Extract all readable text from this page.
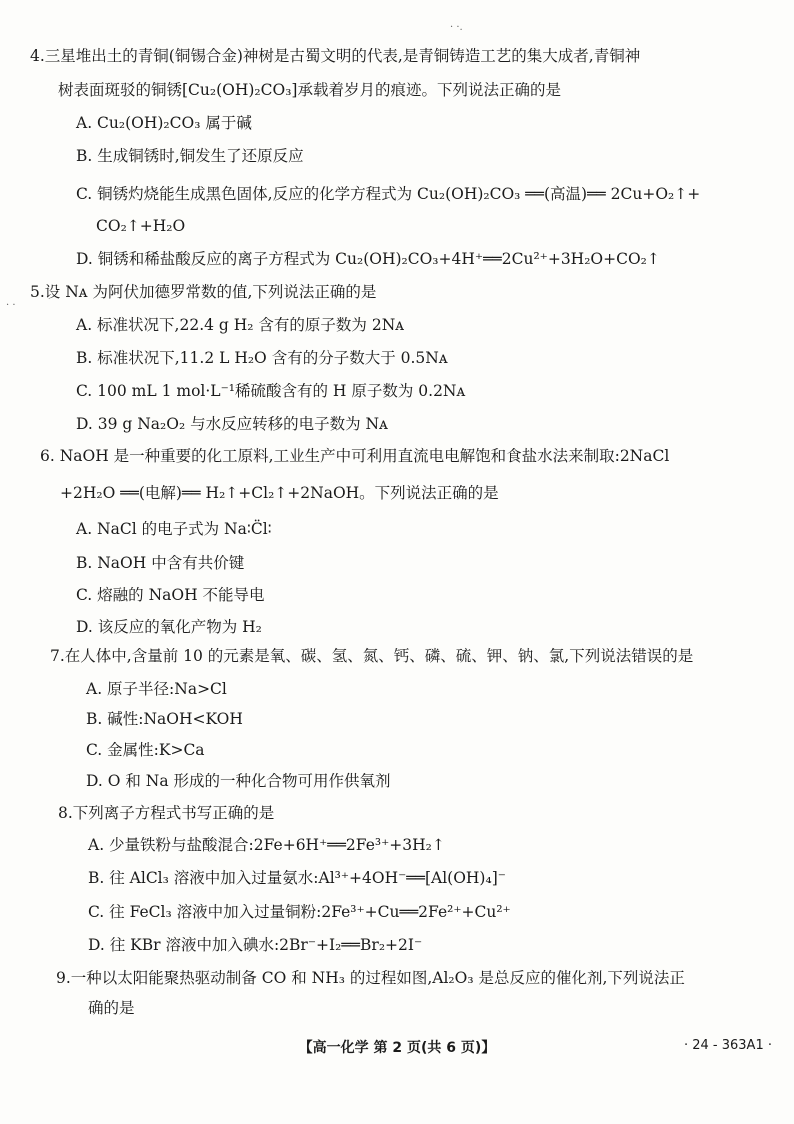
· ·.
· ·
4.三星堆出土的青铜(铜锡合金)神树是古蜀文明的代表,是青铜铸造工艺的集大成者,青铜神
树表面斑驳的铜锈[Cu₂(OH)₂CO₃]承载着岁月的痕迹。下列说法正确的是
A. Cu₂(OH)₂CO₃ 属于碱
B. 生成铜锈时,铜发生了还原反应
C. 铜锈灼烧能生成黑色固体,反应的化学方程式为 Cu₂(OH)₂CO₃ ══(高温)══ 2Cu+O₂↑+
CO₂↑+H₂O
D. 铜锈和稀盐酸反应的离子方程式为 Cu₂(OH)₂CO₃+4H⁺══2Cu²⁺+3H₂O+CO₂↑
5.设 Nᴀ 为阿伏加德罗常数的值,下列说法正确的是
A. 标准状况下,22.4 g H₂ 含有的原子数为 2Nᴀ
B. 标准状况下,11.2 L H₂O 含有的分子数大于 0.5Nᴀ
C. 100 mL 1 mol·L⁻¹稀硫酸含有的 H 原子数为 0.2Nᴀ
D. 39 g Na₂O₂ 与水反应转移的电子数为 Nᴀ
6. NaOH 是一种重要的化工原料,工业生产中可利用直流电电解饱和食盐水法来制取:2NaCl
+2H₂O ══(电解)══ H₂↑+Cl₂↑+2NaOH。下列说法正确的是
A. NaCl 的电子式为 Na∶C̈l∶
B. NaOH 中含有共价键
C. 熔融的 NaOH 不能导电
D. 该反应的氧化产物为 H₂
7.在人体中,含量前 10 的元素是氧、碳、氢、氮、钙、磷、硫、钾、钠、氯,下列说法错误的是
A. 原子半径:Na>Cl
B. 碱性:NaOH<KOH
C. 金属性:K>Ca
D. O 和 Na 形成的一种化合物可用作供氧剂
8.下列离子方程式书写正确的是
A. 少量铁粉与盐酸混合:2Fe+6H⁺══2Fe³⁺+3H₂↑
B. 往 AlCl₃ 溶液中加入过量氨水:Al³⁺+4OH⁻══[Al(OH)₄]⁻
C. 往 FeCl₃ 溶液中加入过量铜粉:2Fe³⁺+Cu══2Fe²⁺+Cu²⁺
D. 往 KBr 溶液中加入碘水:2Br⁻+I₂══Br₂+2I⁻
9.一种以太阳能聚热驱动制备 CO 和 NH₃ 的过程如图,Al₂O₃ 是总反应的催化剂,下列说法正
确的是
【高一化学 第 2 页(共 6 页)】	· 24 - 363A1 ·
